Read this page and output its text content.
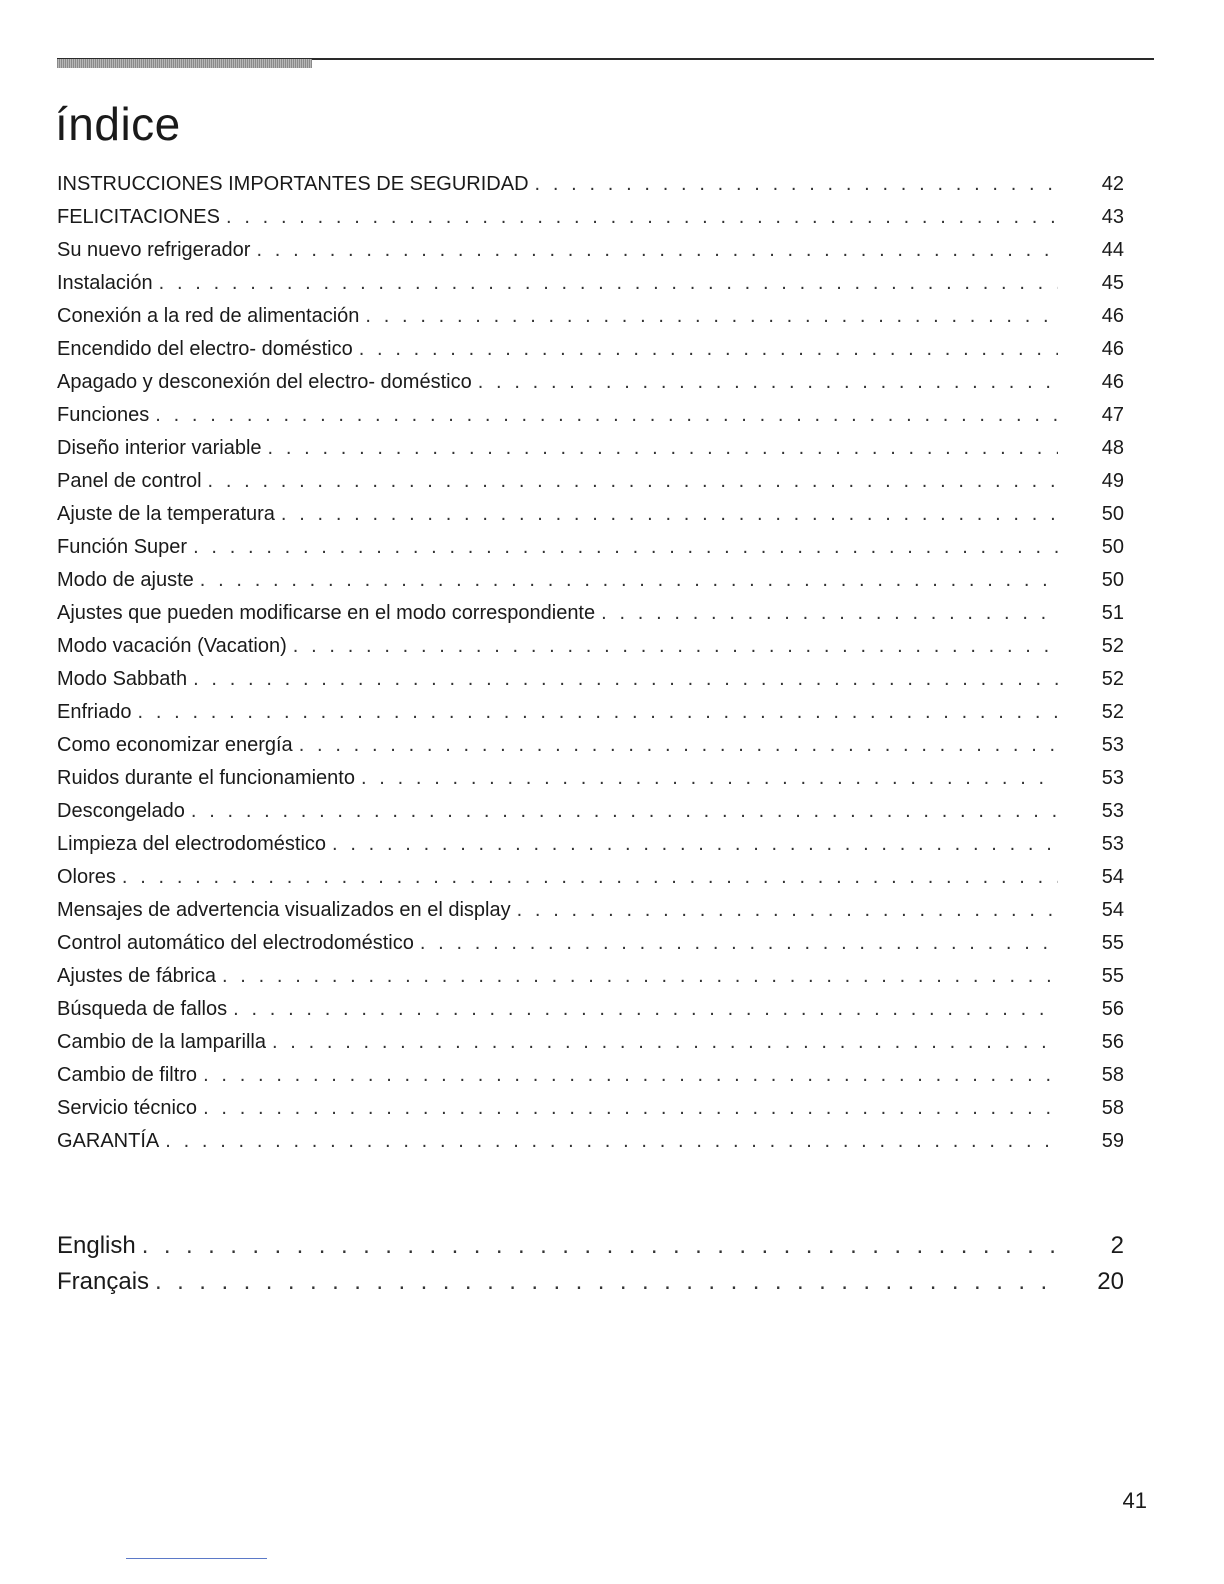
índice
INSTRUCCIONES IMPORTANTES DE SEGURIDAD . . .	42
FELICITACIONES . . .	43
Su nuevo refrigerador . . .	44
Instalación . . .	45
Conexión a la red de alimentación . . .	46
Encendido del electro- doméstico . . .	46
Apagado y desconexión del electro- doméstico . . .	46
Funciones . . .	47
Diseño interior variable . . .	48
Panel de control . . .	49
Ajuste de la temperatura . . .	50
Función Super . . .	50
Modo de ajuste . . .	50
Ajustes que pueden modificarse en el modo correspondiente . . .	51
Modo vacación (Vacation) . . .	52
Modo Sabbath . . .	52
Enfriado . . .	52
Como economizar energía . . .	53
Ruidos durante el funcionamiento . . .	53
Descongelado . . .	53
Limpieza del electrodoméstico . . .	53
Olores . . .	54
Mensajes de advertencia visualizados en el display . . .	54
Control automático del electrodoméstico . . .	55
Ajustes de fábrica . . .	55
Búsqueda de fallos . . .	56
Cambio de la lamparilla . . .	56
Cambio de filtro . . .	58
Servicio técnico . . .	58
GARANTÍA . . .	59
English . . .	2
Français . . .	20
41
